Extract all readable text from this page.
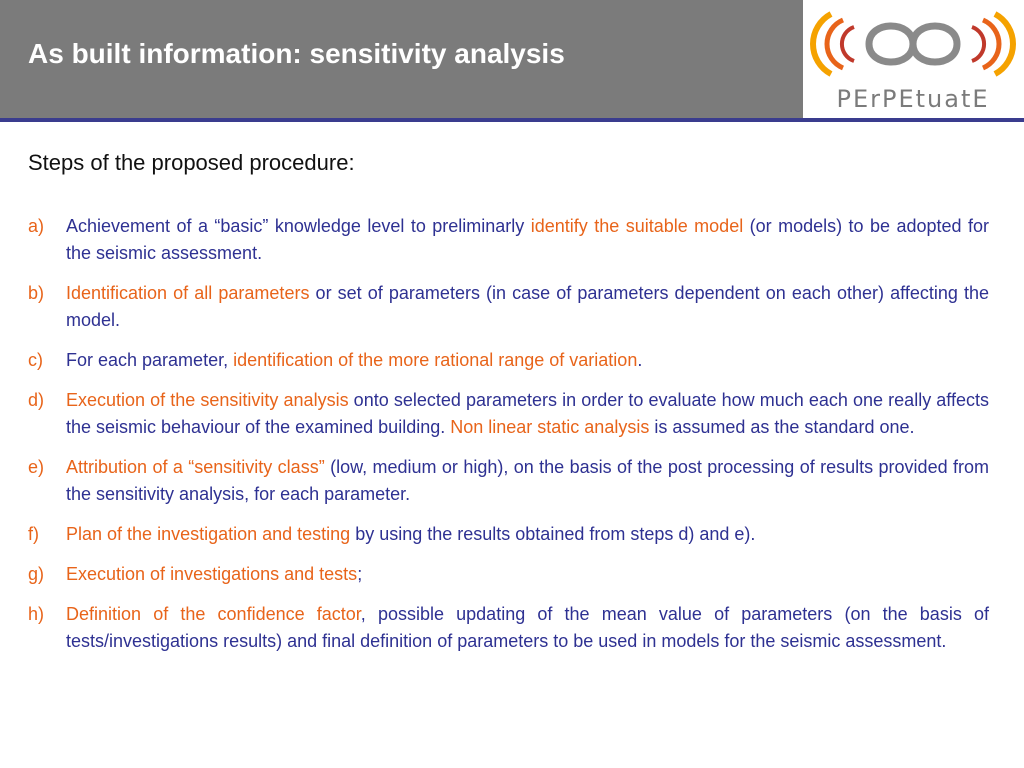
As built information: sensitivity analysis
PErPEtuatE
Steps of the proposed procedure:
a) Achievement of a “basic” knowledge level to preliminarly identify the suitable model (or models) to be adopted for the seismic assessment.
b) Identification of all parameters or set of parameters (in case of parameters dependent on each other) affecting the model.
c) For each parameter, identification of the more rational range of variation.
d) Execution of the sensitivity analysis onto selected parameters in order to evaluate how much each one really affects the seismic behaviour of the examined building. Non linear static analysis is assumed as the standard one.
e) Attribution of a “sensitivity class” (low, medium or high), on the basis of the post processing of results provided from the sensitivity analysis, for each parameter.
f) Plan of the investigation and testing by using the results obtained from steps d) and e).
g) Execution of investigations and tests;
h) Definition of the confidence factor, possible updating of the mean value of parameters (on the basis of tests/investigations results) and final definition of parameters to be used in models for the seismic assessment.
